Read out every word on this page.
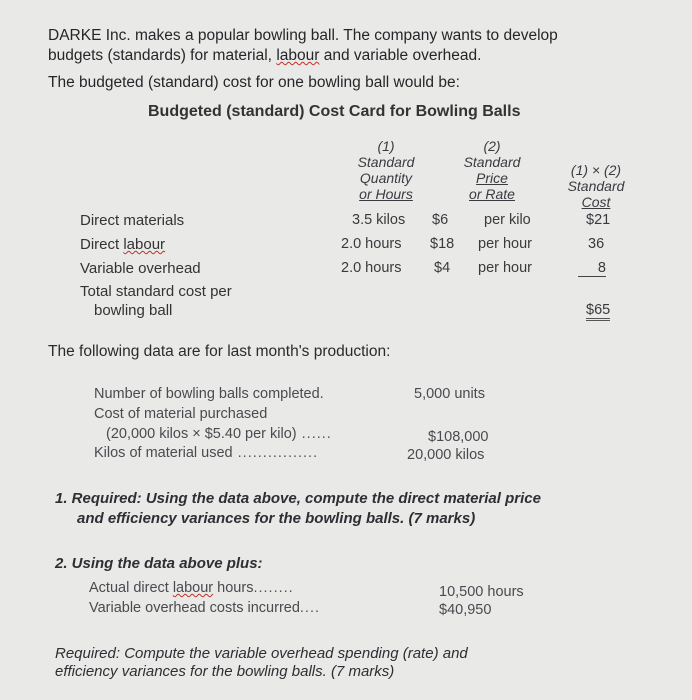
DARKE Inc. makes a popular bowling ball. The company wants to develop
budgets (standards) for material, labour and variable overhead.
The budgeted (standard) cost for one bowling ball would be:
Budgeted (standard) Cost Card for Bowling Balls
(1)
Standard
Quantity
or Hours
(2)
Standard
Price
or Rate
(1) × (2)
Standard
Cost
Direct materials	3.5 kilos $6 per kilo	$21
Direct labour	2.0 hours $18 per hour	36
Variable overhead	2.0 hours $4 per hour	8
Total standard cost per
bowling ball	$65
The following data are for last month's production:
Number of bowling balls completed.	5,000 units
Cost of material purchased
(20,000 kilos × $5.40 per kilo) ......	$108,000
Kilos of material used ................	20,000 kilos
1. Required: Using the data above, compute the direct material price
and efficiency variances for the bowling balls. (7 marks)
2. Using the data above plus:
Actual direct labour hours........	10,500 hours
Variable overhead costs incurred....	$40,950
Required: Compute the variable overhead spending (rate) and
efficiency variances for the bowling balls. (7 marks)
